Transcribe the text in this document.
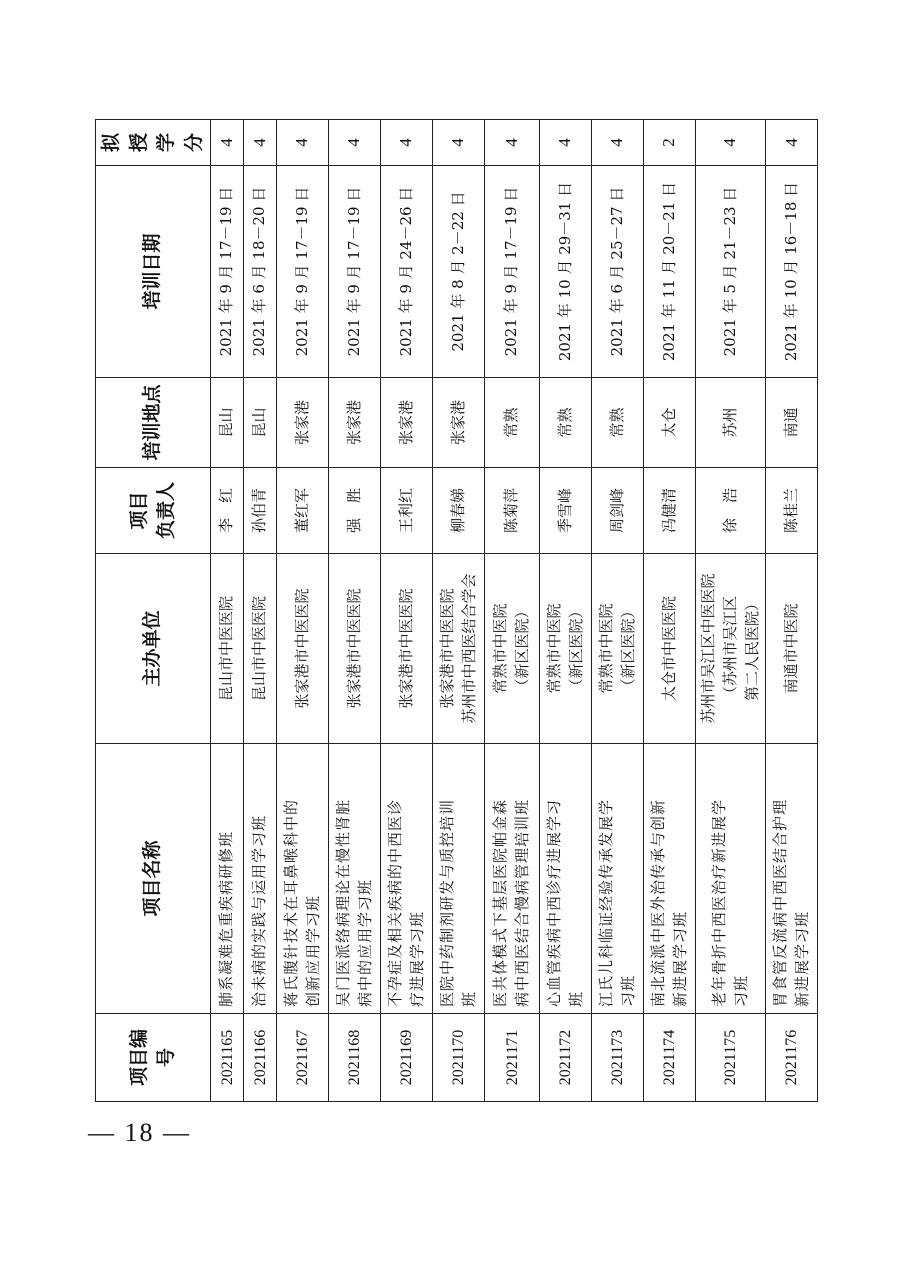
— 18 —
项目编号	项目名称	主办单位	项目 负责人	培训地点	培训日期	拟授 学分

2021165	肺系凝难危重疾病研修班	昆山市中医医院	李　红	昆山	2021 年 9 月 17－19 日	4
2021166	治未病的实践与运用学习班	昆山市中医医院	孙伯青	昆山	2021 年 6 月 18－20 日	4
2021167	蒋氏腹针技术在耳鼻喉科中的 创新应用学习班	张家港市中医医院	董红军	张家港	2021 年 9 月 17－19 日	4
2021168	吴门医派络病理论在慢性肾脏 病中的应用学习班	张家港市中医医院	强　胜	张家港	2021 年 9 月 17－19 日	4
2021169	不孕症及相关疾病的中西医诊 疗进展学习班	张家港市中医医院	王利红	张家港	2021 年 9 月 24－26 日	4
2021170	医院中药制剂研发与质控培训 班	张家港市中医医院 苏州市中西医结合学会	柳春娣	张家港	2021 年 8 月 2－22 日	4
2021171	医共体模式下基层医院帕金森 病中西医结合慢病管理培训班	常熟市中医院 （新区医院）	陈菊萍	常熟	2021 年 9 月 17－19 日	4
2021172	心血管疾病中西诊疗进展学习 班	常熟市中医院 （新区医院）	季雪峰	常熟	2021 年 10 月 29－31 日	4
2021173	江氏儿科临证经验传承发展学 习班	常熟市中医院 （新区医院）	周剑峰	常熟	2021 年 6 月 25－27 日	4
2021174	南北流派中医外治传承与创新 新进展学习班	太仓市中医医院	冯健清	太仓	2021 年 11 月 20－21 日	2
2021175	老年骨折中西医治疗新进展学 习班	苏州市吴江区中医医院 （苏州市吴江区 第二人民医院）	徐　浩	苏州	2021 年 5 月 21－23 日	4
2021176	胃食管反流病中西医结合护理 新进展学习班	南通市中医院	陈桂兰	南通	2021 年 10 月 16－18 日	4
